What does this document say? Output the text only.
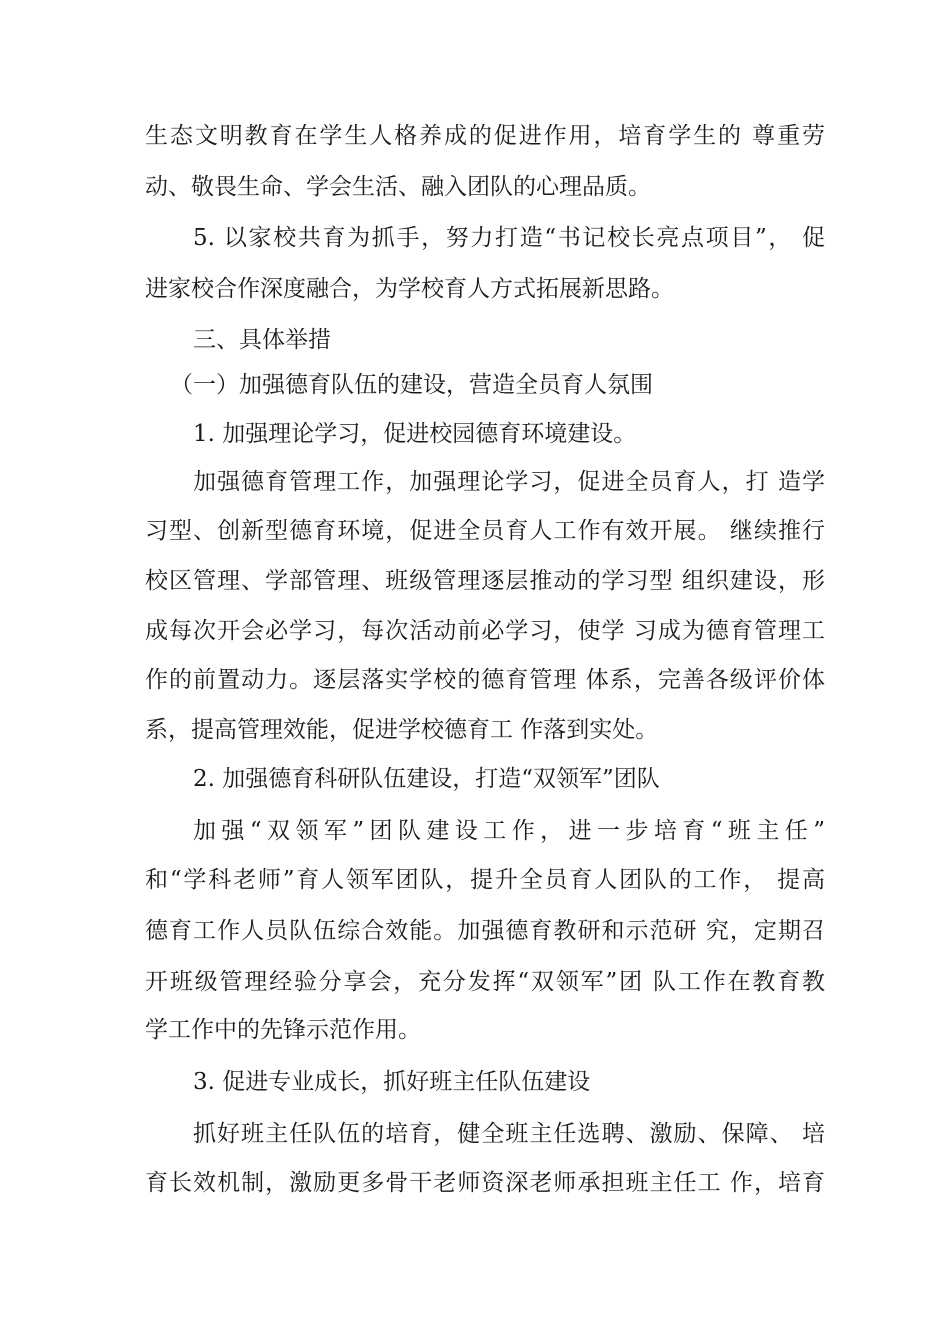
生态文明教育在学生人格养成的促进作用，培育学生的 尊重劳
动、敬畏生命、学会生活、融入团队的心理品质。
5. 以家校共育为抓手，努力打造“书记校长亮点项目”， 促
进家校合作深度融合，为学校育人方式拓展新思路。
三、具体举措
（一）加强德育队伍的建设，营造全员育人氛围
1. 加强理论学习，促进校园德育环境建设。
加强德育管理工作，加强理论学习，促进全员育人，打 造学
习型、创新型德育环境，促进全员育人工作有效开展。 继续推行
校区管理、学部管理、班级管理逐层推动的学习型 组织建设，形
成每次开会必学习，每次活动前必学习，使学 习成为德育管理工
作的前置动力。逐层落实学校的德育管理 体系，完善各级评价体
系，提高管理效能，促进学校德育工 作落到实处。
2. 加强德育科研队伍建设，打造“双领军”团队
加强“双领军”团队建设工作，进一步培育“班主任”
和“学科老师”育人领军团队，提升全员育人团队的工作， 提高
德育工作人员队伍综合效能。加强德育教研和示范研 究，定期召
开班级管理经验分享会，充分发挥“双领军”团 队工作在教育教
学工作中的先锋示范作用。
3. 促进专业成长，抓好班主任队伍建设
抓好班主任队伍的培育，健全班主任选聘、激励、保障、 培
育长效机制，激励更多骨干老师资深老师承担班主任工 作，培育
